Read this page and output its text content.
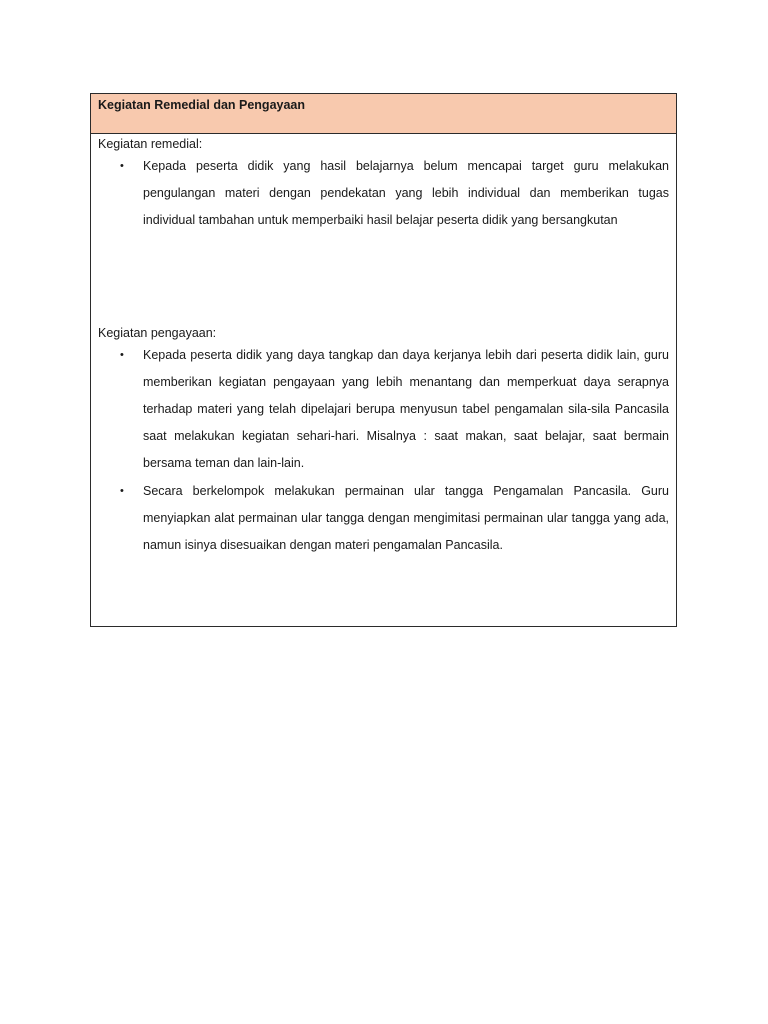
Kegiatan Remedial dan Pengayaan
Kegiatan remedial:
• Kepada peserta didik yang hasil belajarnya belum mencapai target guru melakukan pengulangan materi dengan pendekatan yang lebih individual dan memberikan tugas individual tambahan untuk memperbaiki hasil belajar peserta didik yang bersangkutan
Kegiatan pengayaan:
• Kepada peserta didik yang daya tangkap dan daya kerjanya lebih dari peserta didik lain, guru memberikan kegiatan pengayaan yang lebih menantang dan memperkuat daya serapnya terhadap materi yang telah dipelajari berupa menyusun tabel pengamalan sila-sila Pancasila saat melakukan kegiatan sehari-hari. Misalnya : saat makan, saat belajar, saat bermain bersama teman dan lain-lain.
• Secara berkelompok melakukan permainan ular tangga Pengamalan Pancasila. Guru menyiapkan alat permainan ular tangga dengan mengimitasi permainan ular tangga yang ada, namun isinya disesuaikan dengan materi pengamalan Pancasila.
